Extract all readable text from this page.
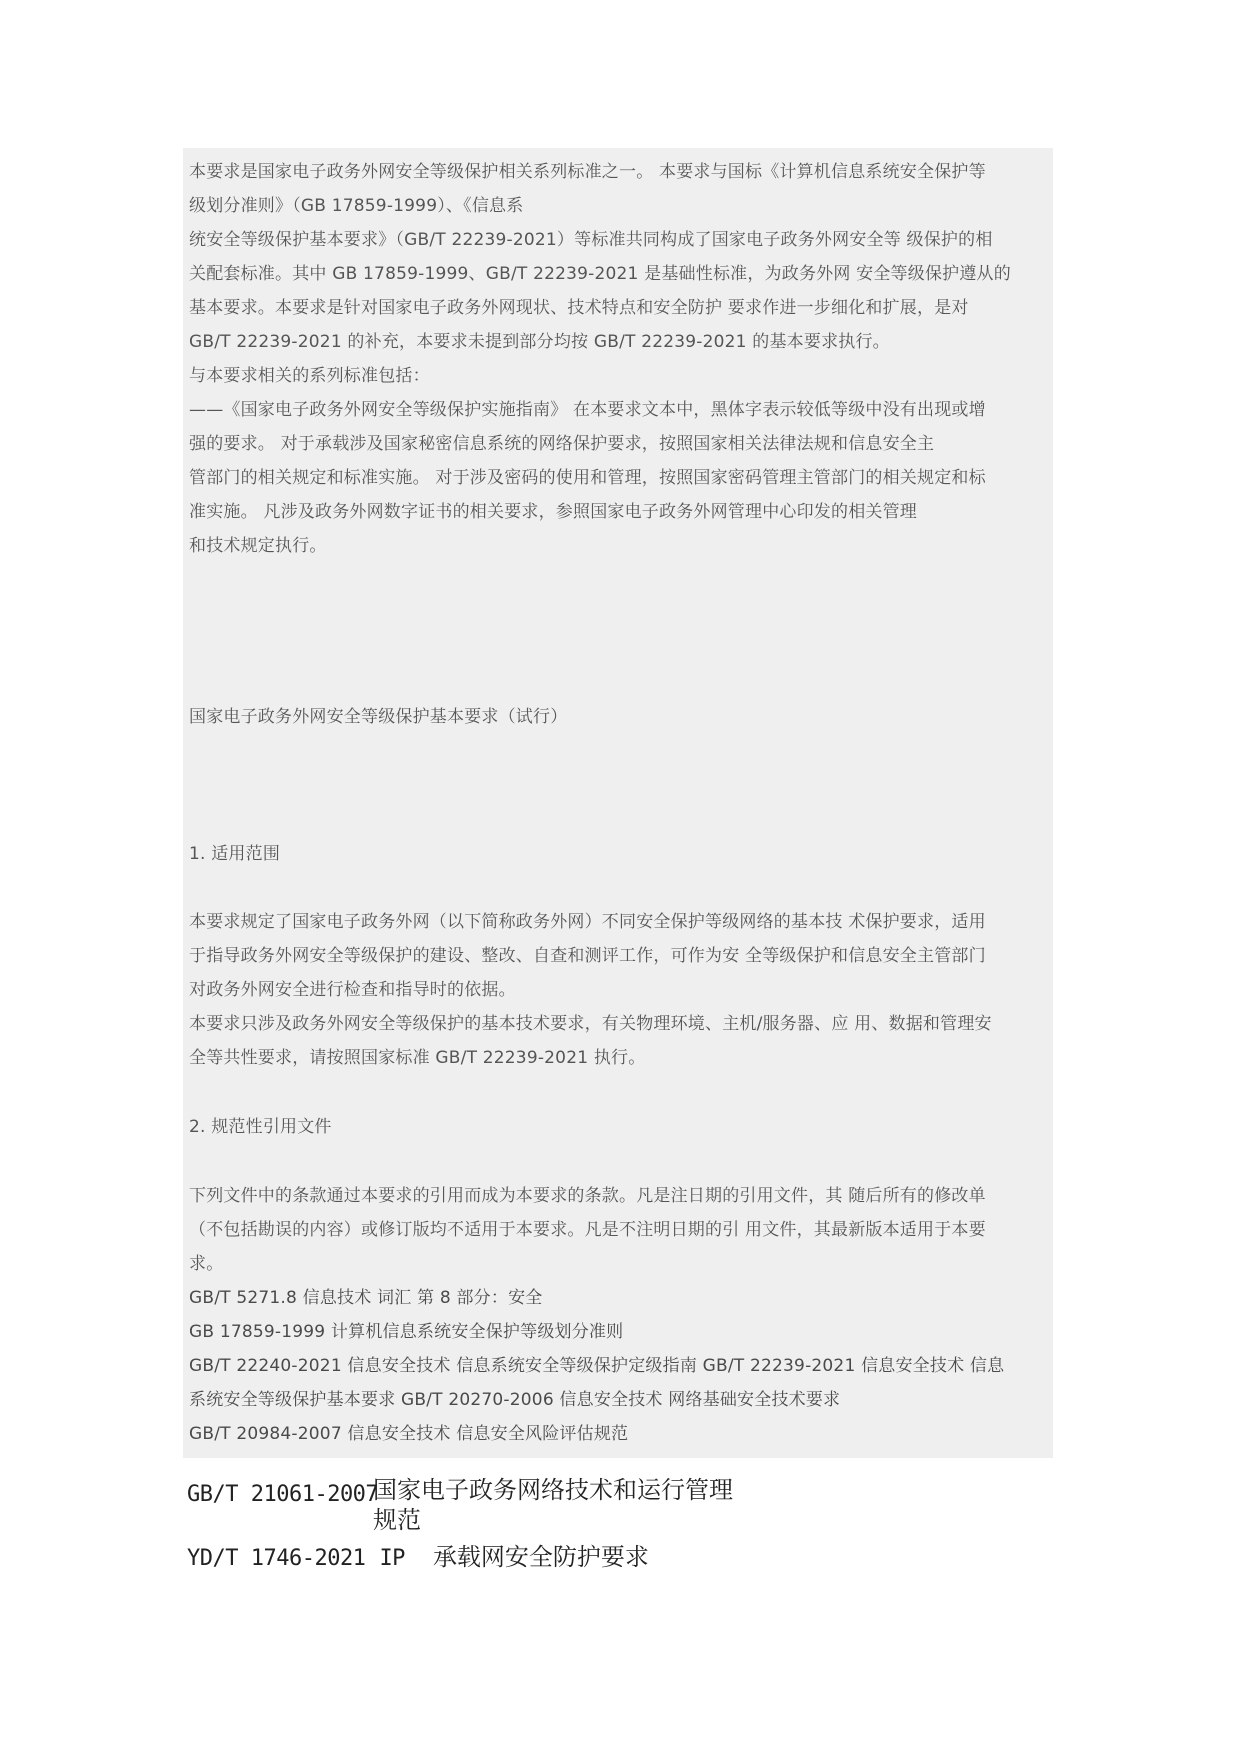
本要求是国家电子政务外网安全等级保护相关系列标准之一。 本要求与国标《计算机信息系统安全保护等

级划分准则》（GB 17859-1999）、《信息系

统安全等级保护基本要求》（GB/T 22239-2021）等标准共同构成了国家电子政务外网安全等 级保护的相

关配套标准。其中 GB 17859-1999、GB/T 22239-2021 是基础性标准，为政务外网 安全等级保护遵从的

基本要求。本要求是针对国家电子政务外网现状、技术特点和安全防护 要求作进一步细化和扩展，是对

GB/T 22239-2021 的补充，本要求未提到部分均按 GB/T 22239-2021 的基本要求执行。

与本要求相关的系列标准包括：

——《国家电子政务外网安全等级保护实施指南》 在本要求文本中，黑体字表示较低等级中没有出现或增

强的要求。 对于承载涉及国家秘密信息系统的网络保护要求，按照国家相关法律法规和信息安全主

管部门的相关规定和标准实施。 对于涉及密码的使用和管理，按照国家密码管理主管部门的相关规定和标

准实施。 凡涉及政务外网数字证书的相关要求，参照国家电子政务外网管理中心印发的相关管理

和技术规定执行。

国家电子政务外网安全等级保护基本要求（试行）

1. 适用范围

本要求规定了国家电子政务外网（以下简称政务外网）不同安全保护等级网络的基本技 术保护要求，适用

于指导政务外网安全等级保护的建设、整改、自查和测评工作，可作为安 全等级保护和信息安全主管部门

对政务外网安全进行检查和指导时的依据。

本要求只涉及政务外网安全等级保护的基本技术要求，有关物理环境、主机/服务器、应 用、数据和管理安

全等共性要求，请按照国家标准 GB/T 22239-2021 执行。

2. 规范性引用文件

下列文件中的条款通过本要求的引用而成为本要求的条款。凡是注日期的引用文件，其 随后所有的修改单

（不包括勘误的内容）或修订版均不适用于本要求。凡是不注明日期的引 用文件，其最新版本适用于本要

求。

GB/T 5271.8 信息技术 词汇 第 8 部分：安全

GB 17859-1999 计算机信息系统安全保护等级划分准则

GB/T 22240-2021 信息安全技术 信息系统安全等级保护定级指南 GB/T 22239-2021 信息安全技术 信息

系统安全等级保护基本要求 GB/T 20270-2006 信息安全技术 网络基础安全技术要求

GB/T 20984-2007 信息安全技术 信息安全风险评估规范

GB/T 21061-2007

国家电子政务网络技术和运行管理

规范

YD/T 1746-2021 IP 承载网安全防护要求
